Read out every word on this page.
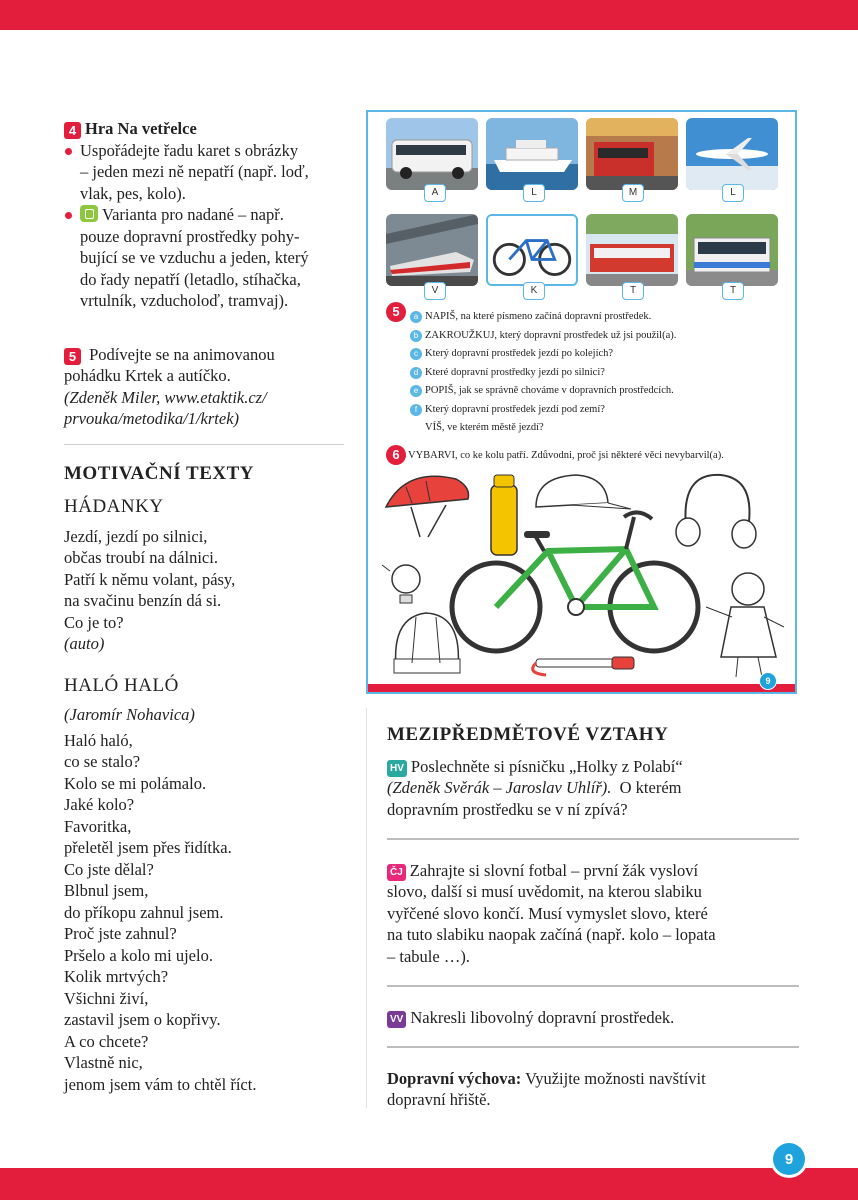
4 Hra Na vetřelce
Uspořádejte řadu karet s obrázky
– jeden mezi ně nepatří (např. loď,
vlak, pes, kolo).
Varianta pro nadané – např.
pouze dopravní prostředky pohy-
bující se ve vzduchu a jeden, který
do řady nepatří (letadlo, stíhačka,
vrtulník, vzducholoď, tramvaj).
5 Podívejte se na animovanou
pohádku Krtek a autíčko.
(Zdeněk Miler, www.etaktik.cz/
prvouka/metodika/1/krtek)
MOTIVAČNÍ TEXTY
HÁDANKY
Jezdí, jezdí po silnici,
občas troubí na dálnici.
Patří k němu volant, pásy,
na svačinu benzín dá si.
Co je to?
(auto)
HALÓ HALÓ
(Jaromír Nohavica)
Haló haló,
co se stalo?
Kolo se mi polámalo.
Jaké kolo?
Favoritka,
přeletěl jsem přes řidítka.
Co jste dělal?
Blbnul jsem,
do příkopu zahnul jsem.
Proč jste zahnul?
Pršelo a kolo mi ujelo.
Kolik mrtvých?
Všichni živí,
zastavil jsem o kopřivy.
A co chcete?
Vlastně nic,
jenom jsem vám to chtěl říct.
A	L	M	L
V	K	T	T
5	a NAPIŠ, na které písmeno začíná dopravní prostředek.
b ZAKROUŽKUJ, který dopravní prostředek už jsi použil(a).
c Který dopravní prostředek jezdí po kolejích?
d Které dopravní prostředky jezdí po silnici?
e POPIŠ, jak se správně chováme v dopravních prostředcích.
f Který dopravní prostředek jezdí pod zemí?
VÍŠ, ve kterém městě jezdí?
6 VYBARVI, co ke kolu patří. Zdůvodni, proč jsi některé věci nevybarvil(a).
9
MEZIPŘEDMĚTOVÉ VZTAHY
HV Poslechněte si písničku „Holky z Polabí“
(Zdeněk Svěrák – Jaroslav Uhlíř). O kterém
dopravním prostředku se v ní zpívá?
ČJ Zahrajte si slovní fotbal – první žák vysloví
slovo, další si musí uvědomit, na kterou slabiku
vyřčené slovo končí. Musí vymyslet slovo, které
na tuto slabiku naopak začíná (např. kolo – lopata
– tabule …).
VV Nakresli libovolný dopravní prostředek.
Dopravní výchova: Využijte možnosti navštívit
dopravní hřiště.
9
